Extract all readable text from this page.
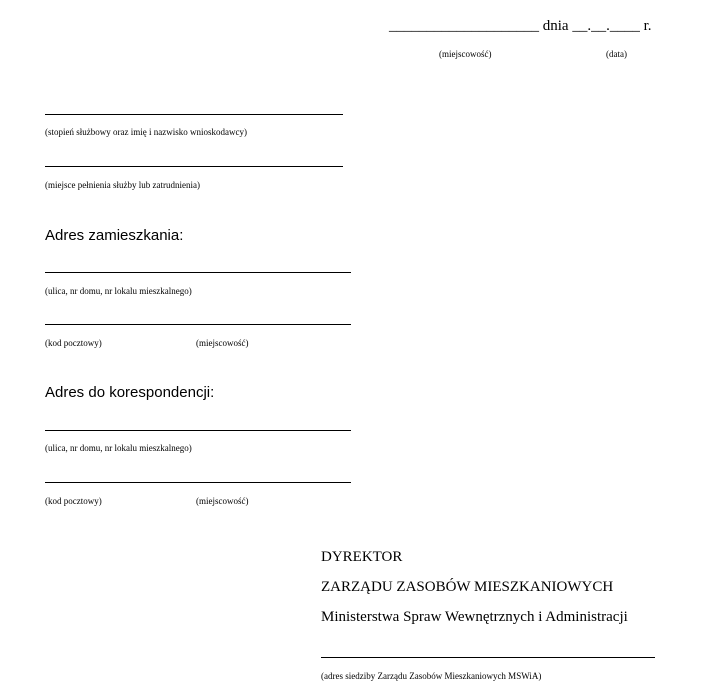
____________________ dnia __.__.____ r.
(miejscowość)	(data)
(stopień służbowy oraz imię i nazwisko wnioskodawcy)
(miejsce pełnienia służby lub zatrudnienia)
Adres zamieszkania:
(ulica, nr domu, nr lokalu mieszkalnego)
(kod pocztowy)	(miejscowość)
Adres do korespondencji:
(ulica, nr domu, nr lokalu mieszkalnego)
(kod pocztowy)	(miejscowość)
DYREKTOR
ZARZĄDU ZASOBÓW MIESZKANIOWYCH
Ministerstwa Spraw Wewnętrznych i Administracji
(adres siedziby Zarządu Zasobów Mieszkaniowych MSWiA)
